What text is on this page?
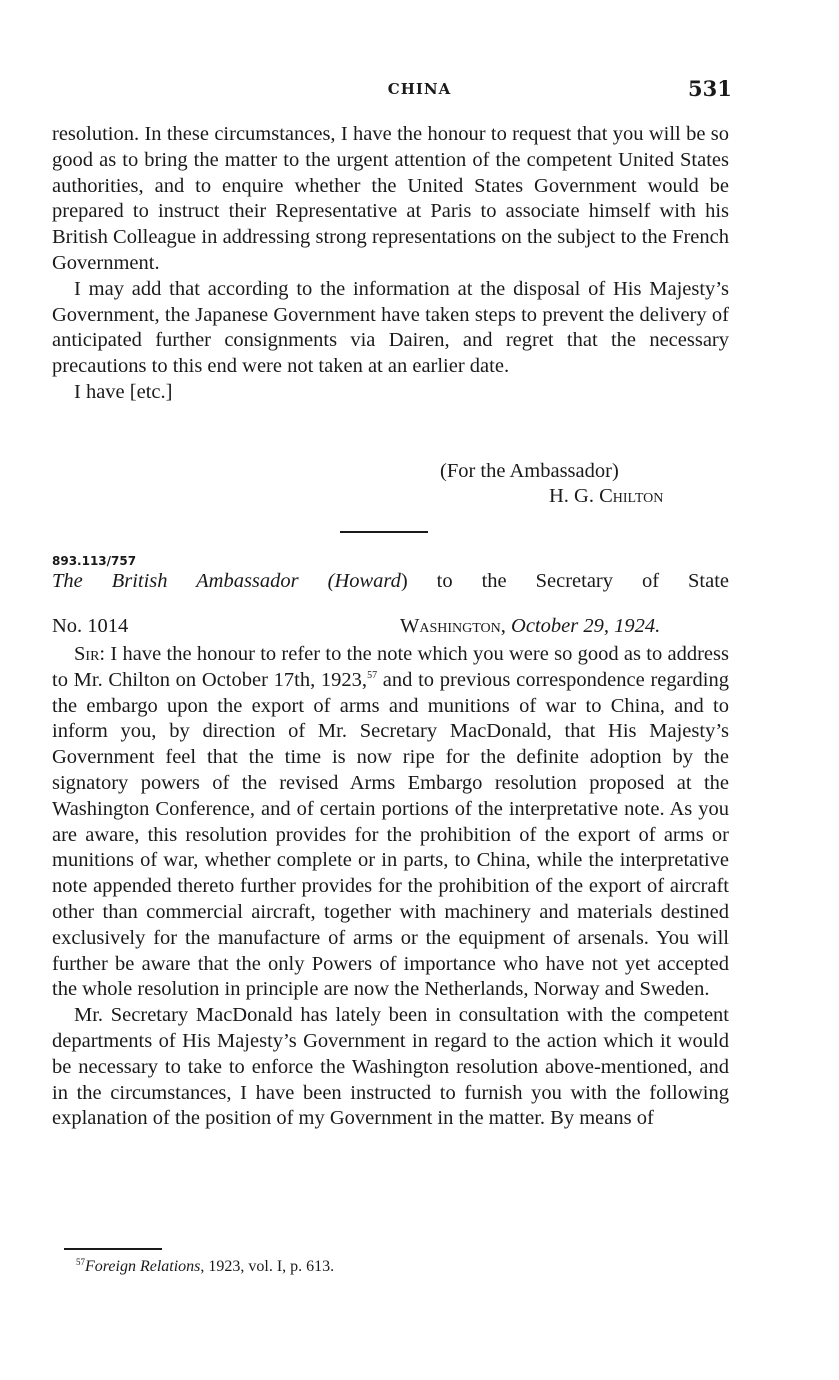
CHINA	531

resolution. In these circumstances, I have the honour to request that you will be so good as to bring the matter to the urgent attention of the competent United States authorities, and to enquire whether the United States Government would be prepared to instruct their Representative at Paris to associate himself with his British Colleague in addressing strong representations on the subject to the French Government.

I may add that according to the information at the disposal of His Majesty’s Government, the Japanese Government have taken steps to prevent the delivery of anticipated further consignments via Dairen, and regret that the necessary precautions to this end were not taken at an earlier date.

I have [etc.]

(For the Ambassador)
H. G. Chilton
893.113/757
The British Ambassador (Howard) to the Secretary of State
No. 1014	Washington, October 29, 1924.

Sir: I have the honour to refer to the note which you were so good as to address to Mr. Chilton on October 17th, 1923,57 and to previous correspondence regarding the embargo upon the export of arms and munitions of war to China, and to inform you, by direction of Mr. Secretary MacDonald, that His Majesty’s Government feel that the time is now ripe for the definite adoption by the signatory powers of the revised Arms Embargo resolution proposed at the Washington Conference, and of certain portions of the interpretative note. As you are aware, this resolution provides for the prohibition of the export of arms or munitions of war, whether complete or in parts, to China, while the interpretative note appended thereto further provides for the prohibition of the export of aircraft other than commercial aircraft, together with machinery and materials destined exclusively for the manufacture of arms or the equipment of arsenals. You will further be aware that the only Powers of importance who have not yet accepted the whole resolution in principle are now the Netherlands, Norway and Sweden.

Mr. Secretary MacDonald has lately been in consultation with the competent departments of His Majesty’s Government in regard to the action which it would be necessary to take to enforce the Washington resolution above-mentioned, and in the circumstances, I have been instructed to furnish you with the following explanation of the position of my Government in the matter. By means of

$^{57}$Foreign Relations, 1923, vol. I, p. 613.
